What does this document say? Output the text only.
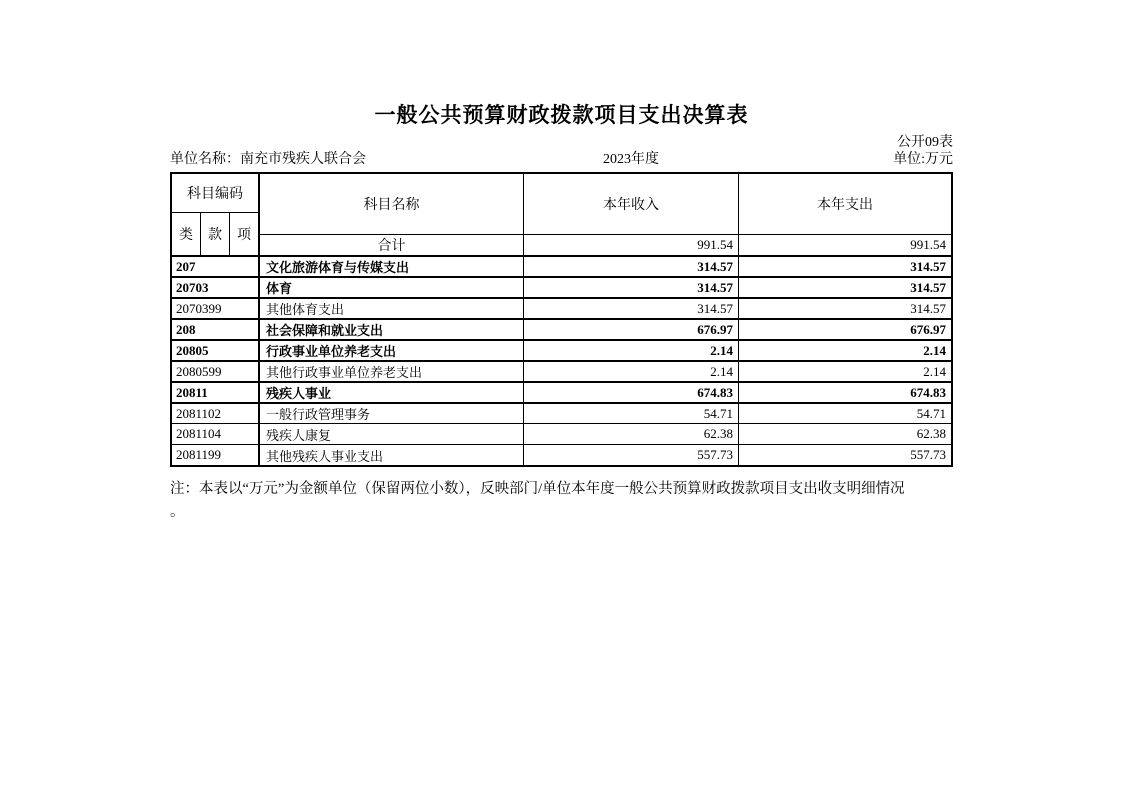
一般公共预算财政拨款项目支出决算表
公开09表
单位名称：南充市残疾人联合会	2023年度	单位:万元
科目编码
类	款	项
科目名称	本年收入	本年支出
合计	991.54	991.54
207	文化旅游体育与传媒支出	314.57	314.57
20703	体育	314.57	314.57
2070399	其他体育支出	314.57	314.57
208	社会保障和就业支出	676.97	676.97
20805	行政事业单位养老支出	2.14	2.14
2080599	其他行政事业单位养老支出	2.14	2.14
20811	残疾人事业	674.83	674.83
2081102	一般行政管理事务	54.71	54.71
2081104	残疾人康复	62.38	62.38
2081199	其他残疾人事业支出	557.73	557.73
注：本表以“万元”为金额单位（保留两位小数），反映部门/单位本年度一般公共预算财政拨款项目支出收支明细情况
。
